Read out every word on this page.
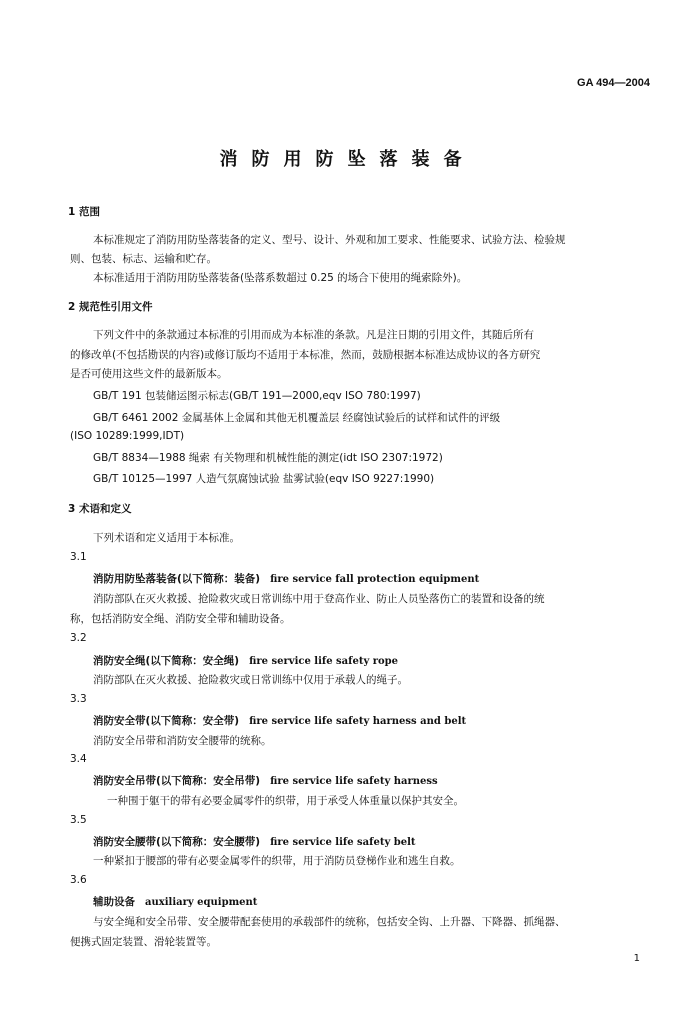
GA 494—2004
消防用防坠落装备
1 范围
本标准规定了消防用防坠落装备的定义、型号、设计、外观和加工要求、性能要求、试验方法、检验规
则、包装、标志、运输和贮存。
本标准适用于消防用防坠落装备(坠落系数超过 0.25 的场合下使用的绳索除外)。
2 规范性引用文件
下列文件中的条款通过本标准的引用而成为本标准的条款。凡是注日期的引用文件，其随后所有
的修改单(不包括勘误的内容)或修订版均不适用于本标准，然而，鼓励根据本标准达成协议的各方研究
是否可使用这些文件的最新版本。
GB/T 191 包装储运图示标志(GB/T 191—2000,eqv ISO 780:1997)
GB/T 6461 2002 金属基体上金属和其他无机覆盖层 经腐蚀试验后的试样和试件的评级
(ISO 10289:1999,IDT)
GB/T 8834—1988 绳索 有关物理和机械性能的测定(idt ISO 2307:1972)
GB/T 10125—1997 人造气氛腐蚀试验 盐雾试验(eqv ISO 9227:1990)
3 术语和定义
下列术语和定义适用于本标准。
3.1
消防用防坠落装备(以下简称：装备) fire service fall protection equipment
消防部队在灭火救援、抢险救灾或日常训练中用于登高作业、防止人员坠落伤亡的装置和设备的统
称，包括消防安全绳、消防安全带和辅助设备。
3.2
消防安全绳(以下简称：安全绳) fire service life safety rope
消防部队在灭火救援、抢险救灾或日常训练中仅用于承载人的绳子。
3.3
消防安全带(以下简称：安全带) fire service life safety harness and belt
消防安全吊带和消防安全腰带的统称。
3.4
消防安全吊带(以下简称：安全吊带) fire service life safety harness
一种围于躯干的带有必要金属零件的织带，用于承受人体重量以保护其安全。
3.5
消防安全腰带(以下简称：安全腰带) fire service life safety belt
一种紧扣于腰部的带有必要金属零件的织带，用于消防员登梯作业和逃生自救。
3.6
辅助设备 auxiliary equipment
与安全绳和安全吊带、安全腰带配套使用的承载部件的统称，包括安全钩、上升器、下降器、抓绳器、
便携式固定装置、滑轮装置等。
1
